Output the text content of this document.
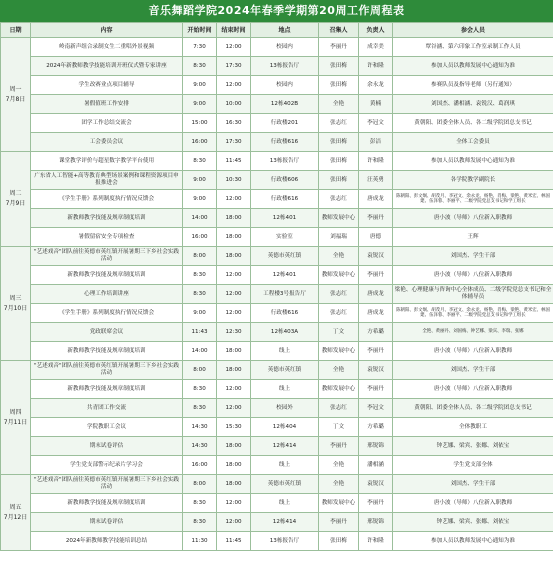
音乐舞蹈学院2024年春季学期第20周工作周程表
日期	内容	开始时间	结束时间	地点	召集人	负责人	参会人员
周一
7月8日	岭南新声组合录制女生二重唱外景视频	7:30	12:00	校园内	李丽丹	成幸美	覃谷涵、第六印象工作室录制工作人员
	2024年新教师教学技能培训开班仪式暨专家讲座	8:30	17:30	13栋报告厅	张田梅	许和隆	参加人员以教师发展中心通知为准
	学生改赛业点项目辅导	9:00	12:00	校园内	张田梅	余永龙	参赛队员及指导老师（另行通知）
	暑假值班工作安排	9:00	10:00	12栋402B	全艳	黄楠	刘国杰、潘相涵、袁锐汉、葛润琪
	团学工作总结交流会	15:00	16:30	行政楼201	张志红	李冠文	黄朝阳、团委全体人员、各二级学院团总支书记
	工会委员会议	16:00	17:30	行政楼616	张田梅	彭洁	全体工会委员
周二
7月9日	课堂教学评价与超星数字教学平台使用	8:30	11:45	13栋报告厅	张田梅	许和隆	参加人员以教师发展中心通知为准
	广东省人工智能+高等教育典型场景案例和课程资源项目申报推进会	9:00	10:30	行政楼606	张田梅	汪英勇	各学院教学副院长
	《学生手册》系列制度执行情况反馈会	9:00	12:00	行政楼616	张志红	唐成龙	陈朝阳、彭文炯、胡茂月、李冠文、余永龙、杨艳、肖梅、梁艳、黄米宏、林国建、伍泽蓉、李丽平、二级学院党总支书记和学工组长
	新教师教学技能及规章制度培训	14:00	18:00	12栋401	教师发展中心	李丽丹	唐小波（导师）八位新入职教师
	暑假留宿安全专项检查	16:00	18:00	实验室	刘福瑞	唐德	王辉
周三
7月10日	"艺述戏音"团队前往英德市英红镇开展暑期三下乡社会实践活动	8:00	18:00	英德市英红镇	全艳	袁锐汉	刘国杰、学生干部
	新教师教学技能及规章制度培训	8:30	12:00	12栋401	教师发展中心	李丽丹	唐小波（导师）八位新入职教师
	心理工作培训讲座	8:30	12:00	工程楼3号报告厅	张志红	唐成龙	梁艳、心理健康与咨询中心全体成员、二级学院党总支书记和全体辅导员
	《学生手册》系列制度执行情况反馈会	9:00	12:00	行政楼616	张志红	唐成龙	陈朝阳、彭文炯、胡茂月、李冠文、余永龙、杨艳、肖梅、梁艳、黄米宏、林国建、伍泽蓉、李丽平、二级学院党总支书记和学工组长
	党政联席会议	11:43	12:30	12栋403A	丁文	方希璐	全艳、黄丽丹、刘国梅、钟艺娜、梁宾、李瑞、张娜
	新教师教学技能及规章制度培训	14:00	18:00	线上	教师发展中心	李丽丹	唐小波（导师）八位新入职教师
周四
7月11日	"艺述戏音"团队前往英德市英红镇开展暑期三下乡社会实践活动	8:00	18:00	英德市英红镇	全艳	袁锐汉	刘国杰、学生干部
	新教师教学技能及规章制度培训	8:30	12:00	线上	教师发展中心	李丽丹	唐小波（导师）八位新入职教师
	共青团工作交流	8:30	12:00	校园外	张志红	李冠文	黄朝阳、团委全体人员、各二级学院团总支书记
	学院教职工会议	14:30	15:30	12栋404	丁文	方希璐	全体教职工
	期末试卷评估	14:30	18:00	12栋414	李丽丹	邢锐锦	钟艺娜、梁宾、张娜、刘依宝
	学生党支部警示纪录片学习会	16:00	18:00	线上	全艳	潘相涵	学生党支部全体
周五
7月12日	"艺述戏音"团队前往英德市英红镇开展暑期三下乡社会实践活动	8:00	18:00	英德市英红镇	全艳	袁锐汉	刘国杰、学生干部
	新教师教学技能及规章制度培训	8:30	12:00	线上	教师发展中心	李丽丹	唐小波（导师）八位新入职教师
	期末试卷评估	8:30	12:00	12栋414	李丽丹	邢锐锦	钟艺娜、梁宾、张娜、刘依宝
	2024年新教师教学技能培训总结	11:30	11:45	13栋报告厅	张田梅	许和隆	参加人员以教师发展中心通知为准
